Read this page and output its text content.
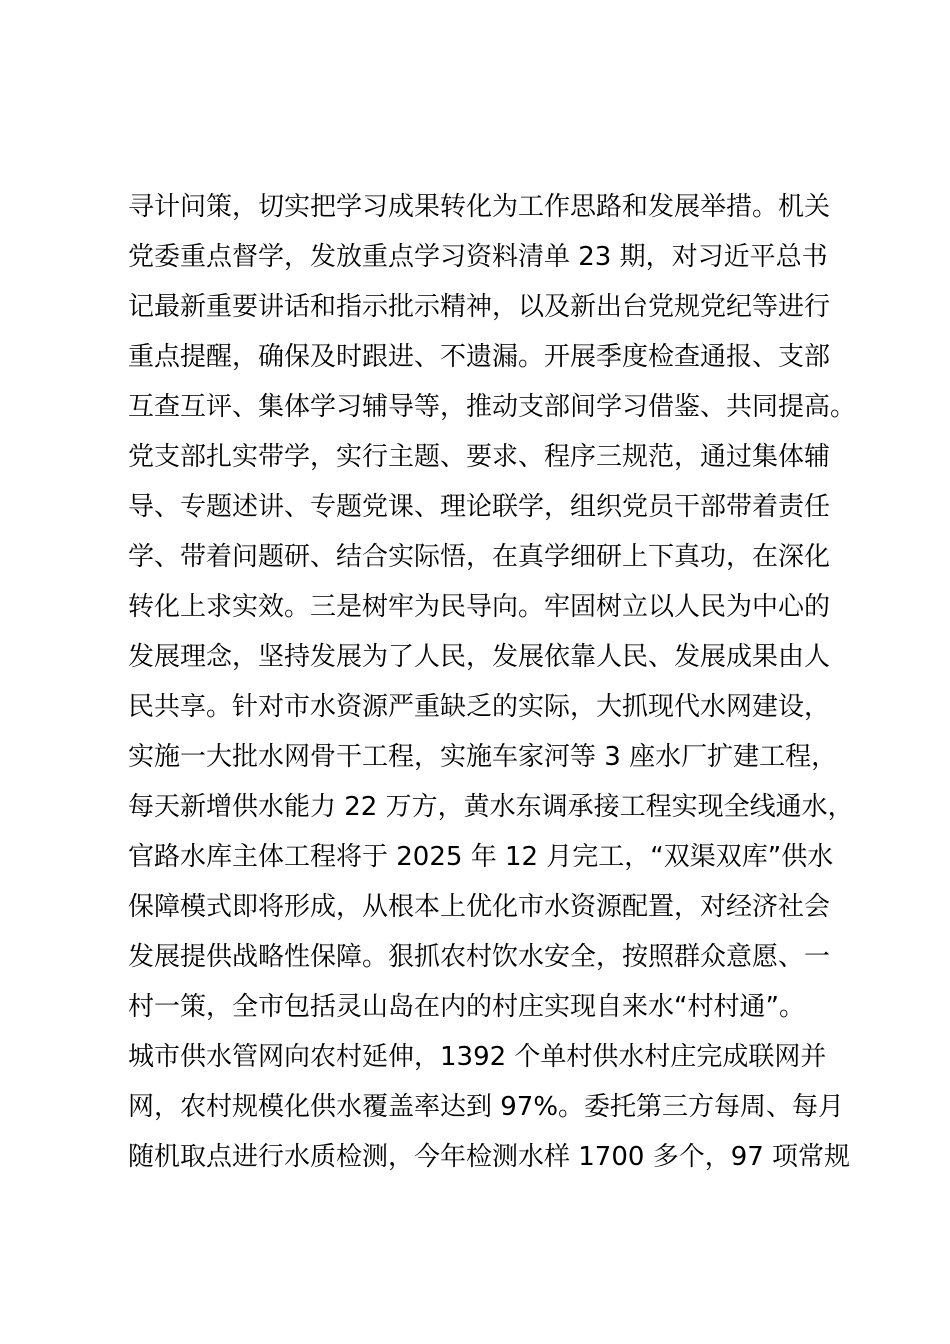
寻计问策，切实把学习成果转化为工作思路和发展举措。机关
党委重点督学，发放重点学习资料清单 23 期，对习近平总书
记最新重要讲话和指示批示精神，以及新出台党规党纪等进行
重点提醒，确保及时跟进、不遗漏。开展季度检查通报、支部
互查互评、集体学习辅导等，推动支部间学习借鉴、共同提高。
党支部扎实带学，实行主题、要求、程序三规范，通过集体辅
导、专题述讲、专题党课、理论联学，组织党员干部带着责任
学、带着问题研、结合实际悟，在真学细研上下真功，在深化
转化上求实效。三是树牢为民导向。牢固树立以人民为中心的
发展理念，坚持发展为了人民，发展依靠人民、发展成果由人
民共享。针对市水资源严重缺乏的实际，大抓现代水网建设，
实施一大批水网骨干工程，实施车家河等 3 座水厂扩建工程，
每天新增供水能力 22 万方，黄水东调承接工程实现全线通水，
官路水库主体工程将于 2025 年 12 月完工，“双渠双库”供水
保障模式即将形成，从根本上优化市水资源配置，对经济社会
发展提供战略性保障。狠抓农村饮水安全，按照群众意愿、一
村一策，全市包括灵山岛在内的村庄实现自来水“村村通”。
城市供水管网向农村延伸，1392 个单村供水村庄完成联网并
网，农村规模化供水覆盖率达到 97%。委托第三方每周、每月
随机取点进行水质检测，今年检测水样 1700 多个，97 项常规
